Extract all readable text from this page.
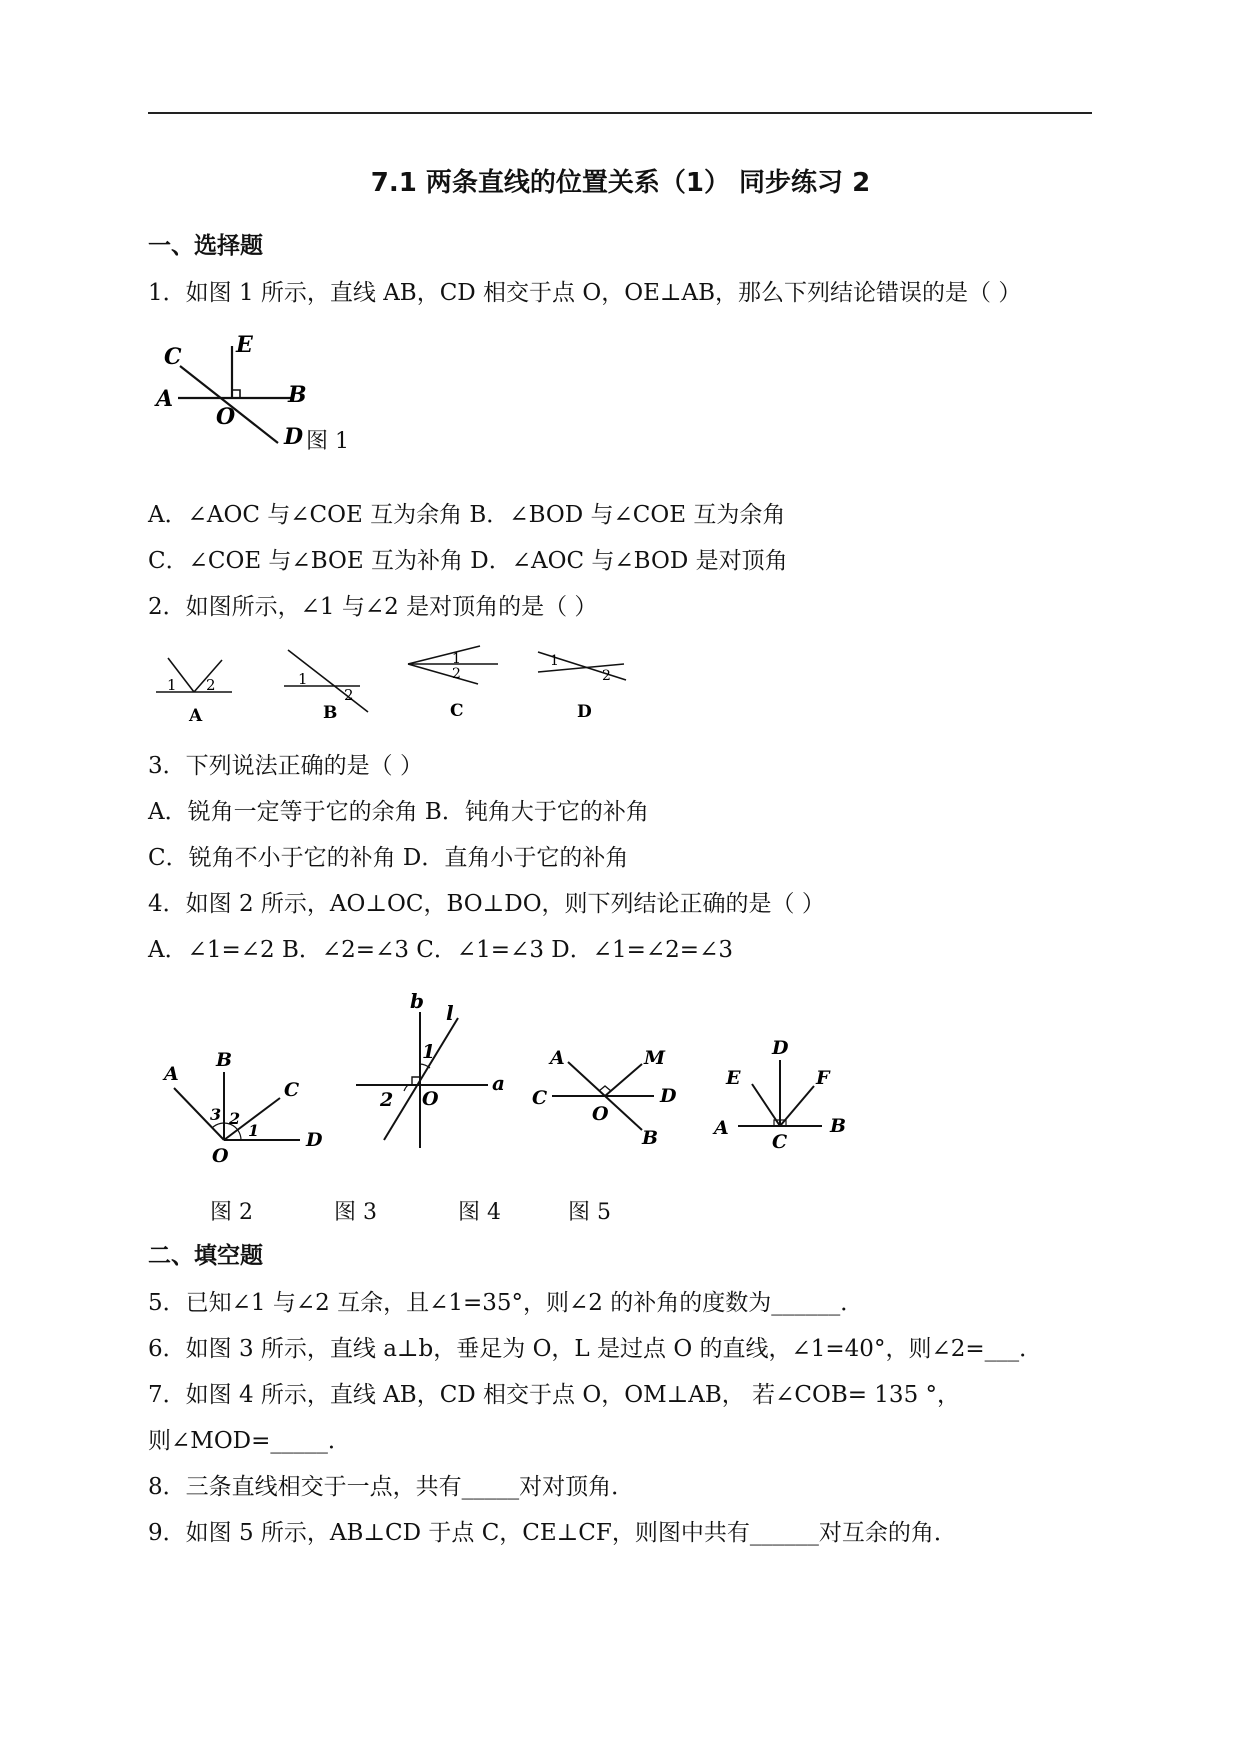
7.1 两条直线的位置关系（1） 同步练习 2
一、选择题
1．如图 1 所示，直线 AB，CD 相交于点 O，OE⊥AB，那么下列结论错误的是（ ）
C E
A	B
O
D 图 1
A．∠AOC 与∠COE 互为余角 B．∠BOD 与∠COE 互为余角
C．∠COE 与∠BOE 互为补角 D．∠AOC 与∠BOD 是对顶角
2．如图所示，∠1 与∠2 是对顶角的是（ ）
1 2
A
1
2
B
1
2
C
1
2
D
3．下列说法正确的是（ ）
A．锐角一定等于它的余角 B．钝角大于它的补角
C．锐角不小于它的补角 D．直角小于它的补角
4．如图 2 所示，AO⊥OC，BO⊥DO，则下列结论正确的是（ ）
A．∠1=∠2 B．∠2=∠3 C．∠1=∠3 D．∠1=∠2=∠3
A
B
C
D
O
3 2
1
b l
1
2 O
a
A	M
C	D
O
B
D
E	F
A	B
C
图 2	图 3	图 4	图 5
二、填空题
5．已知∠1 与∠2 互余，且∠1=35°，则∠2 的补角的度数为______．
6．如图 3 所示，直线 a⊥b，垂足为 O，L 是过点 O 的直线，∠1=40°，则∠2=___．
7．如图 4 所示，直线 AB，CD 相交于点 O，OM⊥AB， 若∠COB= 135 °，
则∠MOD=_____．
8．三条直线相交于一点，共有_____对对顶角．
9．如图 5 所示，AB⊥CD 于点 C，CE⊥CF，则图中共有______对互余的角．
